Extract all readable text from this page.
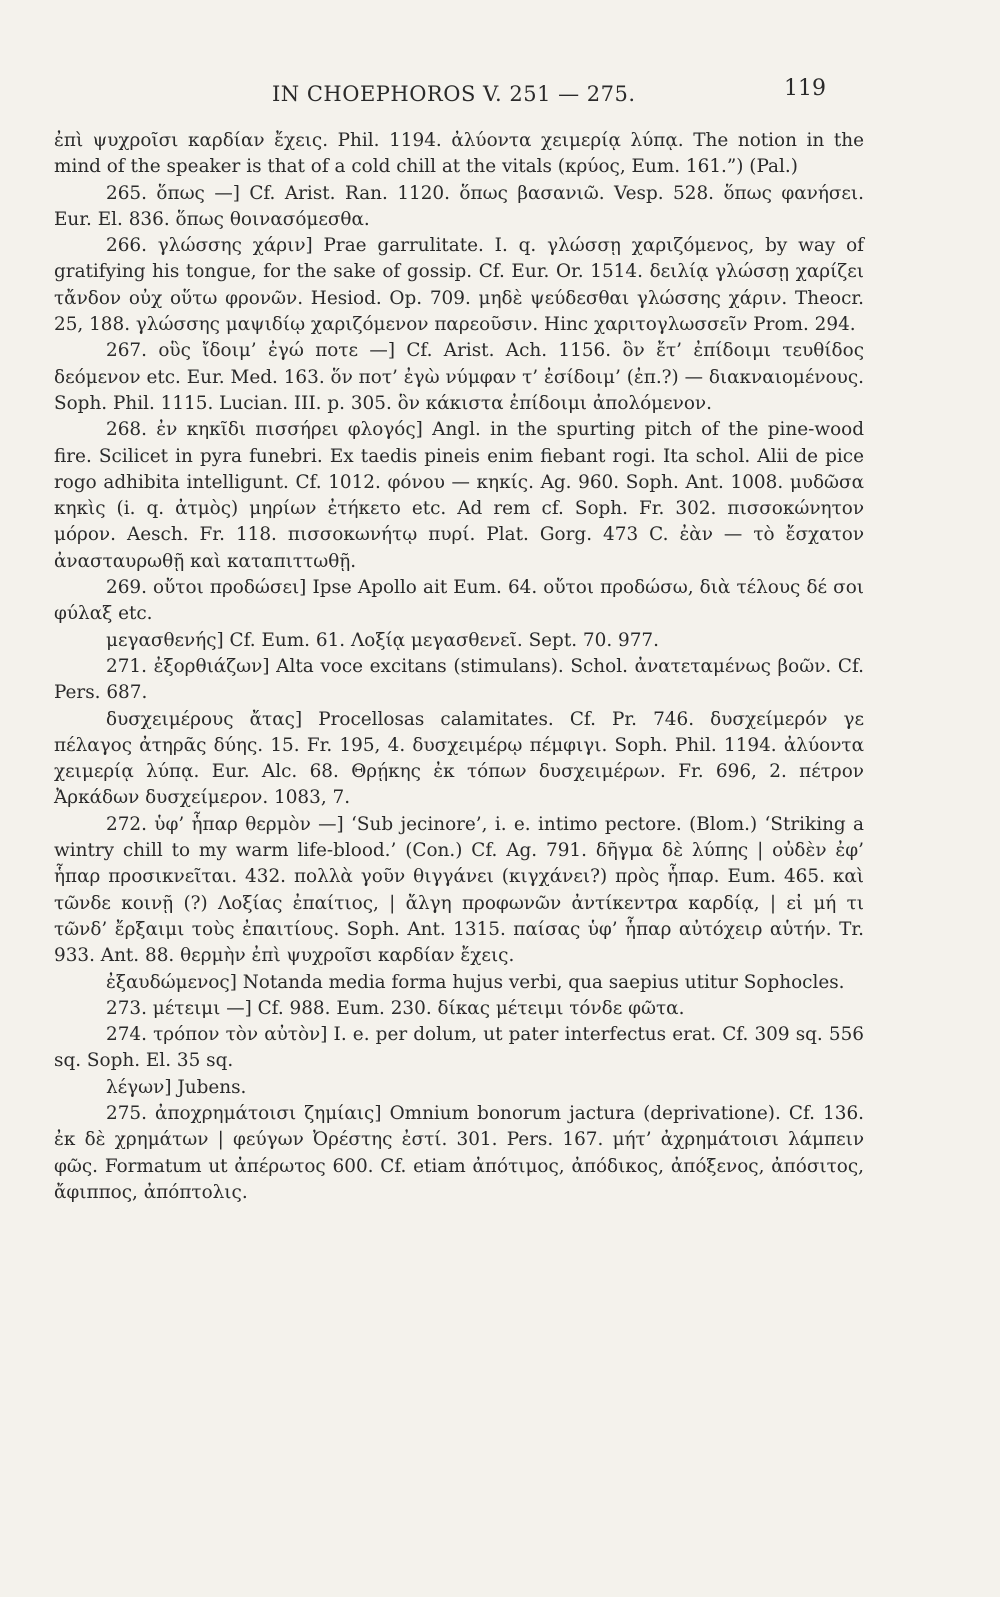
IN CHOEPHOROS V. 251 — 275.	119

ἐπὶ ψυχροῖσι καρδίαν ἔχεις. Phil. 1194. ἀλύοντα χειμερίᾳ λύπᾳ. The notion in the mind of the speaker is that of a cold chill at the vitals (κρύος, Eum. 161.”) (Pal.)

265. ὅπως —] Cf. Arist. Ran. 1120. ὅπως βασανιῶ. Vesp. 528. ὅπως φανήσει. Eur. El. 836. ὅπως θοινασόμεσθα.

266. γλώσσης χάριν] Prae garrulitate. I. q. γλώσσῃ χαριζόμενος, by way of gratifying his tongue, for the sake of gossip. Cf. Eur. Or. 1514. δειλίᾳ γλώσσῃ χαρίζει τἄνδον οὐχ οὕτω φρονῶν. Hesiod. Op. 709. μηδὲ ψεύδεσθαι γλώσσης χάριν. Theocr. 25, 188. γλώσσης μαψιδίῳ χαριζόμενον παρεοῦσιν. Hinc χαριτογλωσσεῖν Prom. 294.

267. οὓς ἴδοιμ’ ἐγώ ποτε —] Cf. Arist. Ach. 1156. ὃν ἔτ’ ἐπίδοιμι τευθίδος δεόμενον etc. Eur. Med. 163. ὅν ποτ’ ἐγὼ νύμφαν τ’ ἐσίδοιμ’ (ἐπ.?) — διακναιομένους. Soph. Phil. 1115. Lucian. III. p. 305. ὃν κάκιστα ἐπίδοιμι ἀπολόμενον.

268. ἐν κηκῖδι πισσήρει φλογός] Angl. in the spurting pitch of the pine-wood fire. Scilicet in pyra funebri. Ex taedis pineis enim fiebant rogi. Ita schol. Alii de pice rogo adhibita intelligunt. Cf. 1012. φόνου — κηκίς. Ag. 960. Soph. Ant. 1008. μυδῶσα κηκὶς (i. q. ἀτμὸς) μηρίων ἐτήκετο etc. Ad rem cf. Soph. Fr. 302. πισσοκώνητον μόρον. Aesch. Fr. 118. πισσοκωνήτῳ πυρί. Plat. Gorg. 473 C. ἐὰν — τὸ ἔσχατον ἀνασταυρωθῇ καὶ καταπιττωθῇ.

269. οὔτοι προδώσει] Ipse Apollo ait Eum. 64. οὔτοι προδώσω, διὰ τέλους δέ σοι φύλαξ etc.

μεγασθενής] Cf. Eum. 61. Λοξίᾳ μεγασθενεῖ. Sept. 70. 977.

271. ἐξορθιάζων] Alta voce excitans (stimulans). Schol. ἀνατεταμένως βοῶν. Cf. Pers. 687.

δυσχειμέρους ἄτας] Procellosas calamitates. Cf. Pr. 746. δυσχείμερόν γε πέλαγος ἀτηρᾶς δύης. 15. Fr. 195, 4. δυσχειμέρῳ πέμφιγι. Soph. Phil. 1194. ἀλύοντα χειμερίᾳ λύπᾳ. Eur. Alc. 68. Θρῄκης ἐκ τόπων δυσχειμέρων. Fr. 696, 2. πέτρον Ἀρκάδων δυσχείμερον. 1083, 7.

272. ὑφ’ ἧπαρ θερμὸν —] ‘Sub jecinore’, i. e. intimo pectore. (Blom.) ‘Striking a wintry chill to my warm life-blood.’ (Con.) Cf. Ag. 791. δῆγμα δὲ λύπης | οὐδὲν ἐφ’ ἧπαρ προσικνεῖται. 432. πολλὰ γοῦν θιγγάνει (κιγχάνει?) πρὸς ἧπαρ. Eum. 465. καὶ τῶνδε κοινῇ (?) Λοξίας ἐπαίτιος, | ἄλγη προφωνῶν ἀντίκεντρα καρδίᾳ, | εἰ μή τι τῶνδ’ ἔρξαιμι τοὺς ἐπαιτίους. Soph. Ant. 1315. παίσας ὑφ’ ἧπαρ αὐτόχειρ αὑτήν. Tr. 933. Ant. 88. θερμὴν ἐπὶ ψυχροῖσι καρδίαν ἔχεις.

ἐξαυδώμενος] Notanda media forma hujus verbi, qua saepius utitur Sophocles.

273. μέτειμι —] Cf. 988. Eum. 230. δίκας μέτειμι τόνδε φῶτα.

274. τρόπον τὸν αὐτὸν] I. e. per dolum, ut pater interfectus erat. Cf. 309 sq. 556 sq. Soph. El. 35 sq.

λέγων] Jubens.

275. ἀποχρημάτοισι ζημίαις] Omnium bonorum jactura (deprivatione). Cf. 136. ἐκ δὲ χρημάτων | φεύγων Ὀρέστης ἐστί. 301. Pers. 167. μήτ’ ἀχρημάτοισι λάμπειν φῶς. Formatum ut ἀπέρωτος 600. Cf. etiam ἀπότιμος, ἀπόδικος, ἀπόξενος, ἀπόσιτος, ἄφιππος, ἀπόπτολις.
